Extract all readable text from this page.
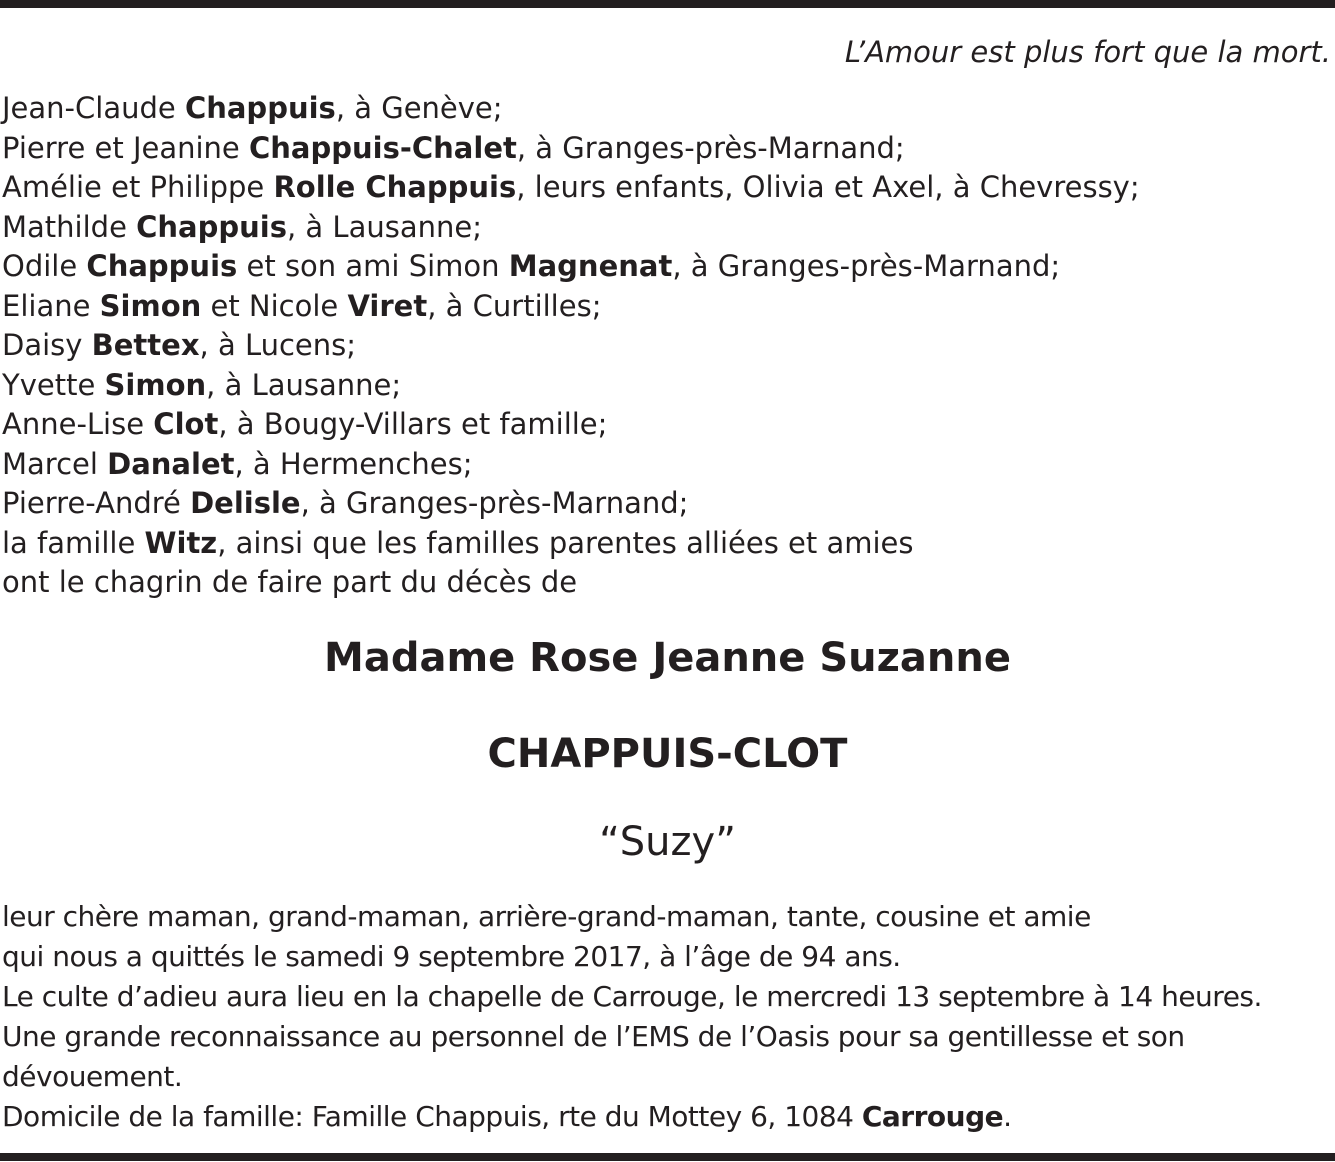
L’Amour est plus fort que la mort.
Jean-Claude Chappuis, à Genève;
Pierre et Jeanine Chappuis-Chalet, à Granges-près-Marnand;
Amélie et Philippe Rolle Chappuis, leurs enfants, Olivia et Axel, à Chevressy;
Mathilde Chappuis, à Lausanne;
Odile Chappuis et son ami Simon Magnenat, à Granges-près-Marnand;
Eliane Simon et Nicole Viret, à Curtilles;
Daisy Bettex, à Lucens;
Yvette Simon, à Lausanne;
Anne-Lise Clot, à Bougy-Villars et famille;
Marcel Danalet, à Hermenches;
Pierre-André Delisle, à Granges-près-Marnand;
la famille Witz, ainsi que les familles parentes alliées et amies
ont le chagrin de faire part du décès de
Madame Rose Jeanne Suzanne
CHAPPUIS-CLOT
“Suzy”
leur chère maman, grand-maman, arrière-grand-maman, tante, cousine et amie
qui nous a quittés le samedi 9 septembre 2017, à l’âge de 94 ans.
Le culte d’adieu aura lieu en la chapelle de Carrouge, le mercredi 13 septembre à 14 heures.
Une grande reconnaissance au personnel de l’EMS de l’Oasis pour sa gentillesse et son
dévouement.
Domicile de la famille: Famille Chappuis, rte du Mottey 6, 1084 Carrouge.
